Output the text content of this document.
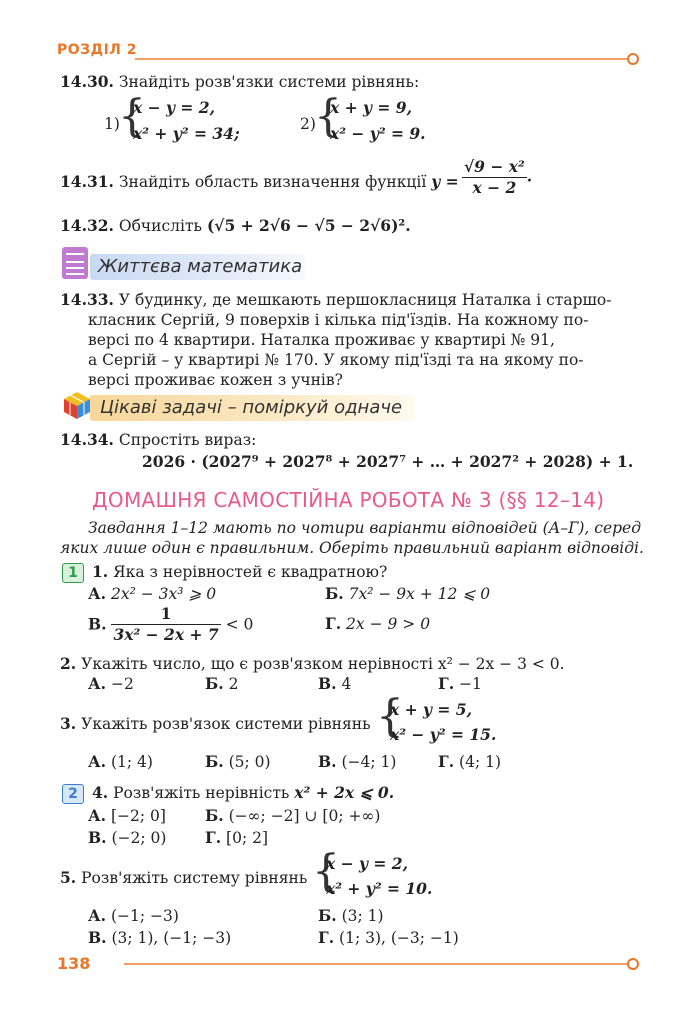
РОЗДІЛ 2
14.30. Знайдіть розв'язки системи рівнянь:
1)
{
x − y = 2,
x² + y² = 34;	2)
{
x + y = 9,
x² − y² = 9.
14.31. Знайдіть область визначення функції $y = \frac{\text{√9 − x²}}{x - 2}$ .
14.32. Обчисліть (√5 + 2√6 − √5 − 2√6)².
Життєва математика
14.33. У будинку, де мешкають першокласниця Наталка і старшо-
класник Сергій, 9 поверхів і кілька під'їздів. На кожному по-
версі по 4 квартири. Наталка проживає у квартирі № 91,
а Сергій – у квартирі № 170. У якому під'їзді та на якому по-
версі проживає кожен з учнів?
Цікаві задачі – поміркуй одначе
14.34. Спростіть вираз:
2026 · (2027⁹ + 2027⁸ + 2027⁷ + … + 2027² + 2028) + 1.
ДОМАШНЯ САМОСТІЙНА РОБОТА № 3 (§§ 12–14)
Завдання 1–12 мають по чотири варіанти відповідей (А–Г), серед
яких лише один є правильним. Оберіть правильний варіант відповіді.
1 1. Яка з нерівностей є квадратною?
А. 2x² − 3x³ ⩾ 0	Б. 7x² − 9x + 12 ⩽ 0
В. $\frac{1}{\text{3x² − 2x + 7}} < 0$	Г. 2x − 9 > 0
2. Укажіть число, що є розв'язком нерівності x² − 2x − 3 < 0.
А. −2	Б. 2	В. 4	Г. −1
3. Укажіть розв'язок системи рівнянь {
x + y = 5,
x² − y² = 15.
А. (1; 4)	Б. (5; 0)	В. (−4; 1)	Г. (4; 1)
2 4. Розв'яжіть нерівність x² + 2x ⩽ 0.
А. [−2; 0]	Б. (−∞; −2] ∪ [0; +∞)
В. (−2; 0) Г. [0; 2]
5. Розв'яжіть систему рівнянь {
x − y = 2,
x² + y² = 10.
А. (−1; −3)	Б. (3; 1)
В. (3; 1), (−1; −3)	Г. (1; 3), (−3; −1)
138
